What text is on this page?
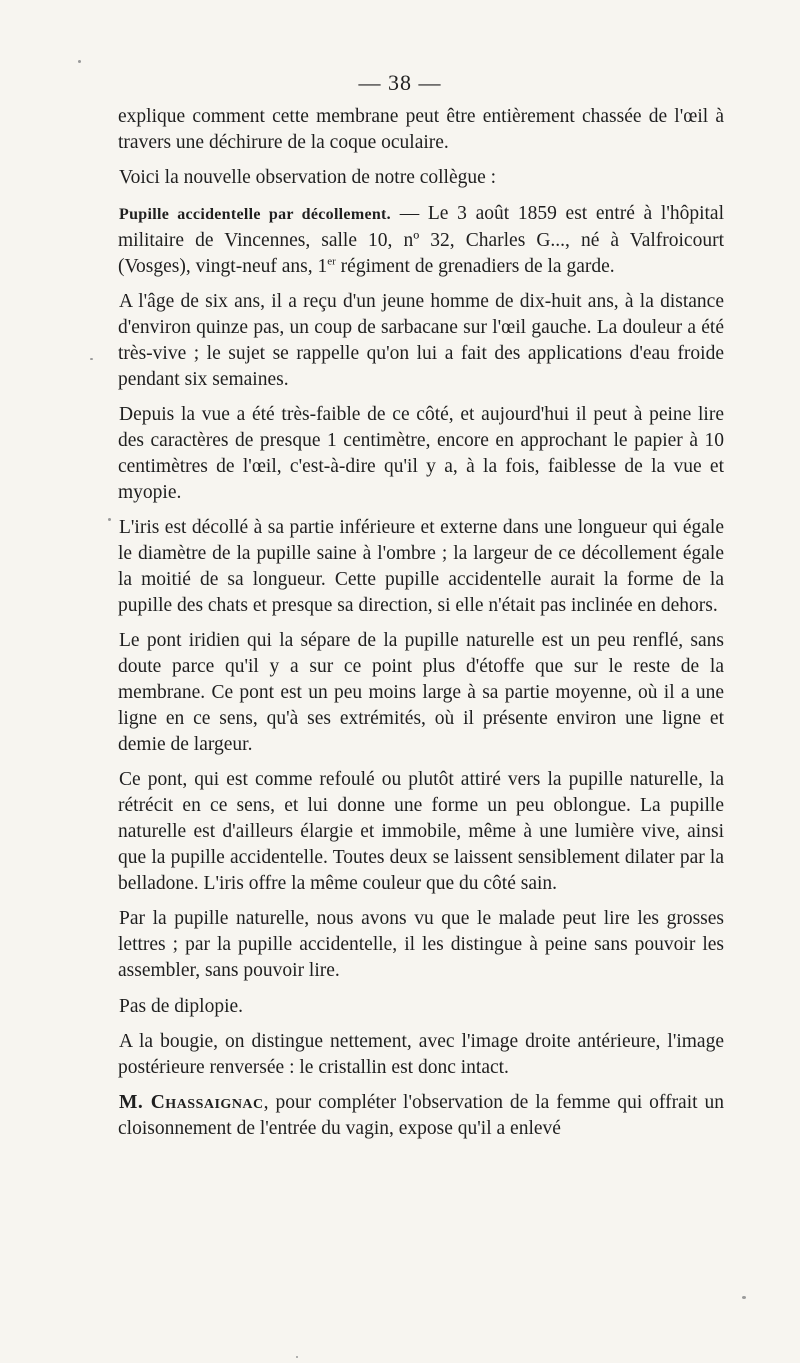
— 38 —

explique comment cette membrane peut être entièrement chassée de l'œil à travers une déchirure de la coque oculaire.

Voici la nouvelle observation de notre collègue :

Pupille accidentelle par décollement. — Le 3 août 1859 est entré à l'hôpital militaire de Vincennes, salle 10, nº 32, Charles G..., né à Valfroicourt (Vosges), vingt-neuf ans, 1er régiment de grenadiers de la garde.

A l'âge de six ans, il a reçu d'un jeune homme de dix-huit ans, à la distance d'environ quinze pas, un coup de sarbacane sur l'œil gauche. La douleur a été très-vive ; le sujet se rappelle qu'on lui a fait des applications d'eau froide pendant six semaines.

Depuis la vue a été très-faible de ce côté, et aujourd'hui il peut à peine lire des caractères de presque 1 centimètre, encore en approchant le papier à 10 centimètres de l'œil, c'est-à-dire qu'il y a, à la fois, faiblesse de la vue et myopie.

L'iris est décollé à sa partie inférieure et externe dans une longueur qui égale le diamètre de la pupille saine à l'ombre ; la largeur de ce décollement égale la moitié de sa longueur. Cette pupille accidentelle aurait la forme de la pupille des chats et presque sa direction, si elle n'était pas inclinée en dehors.

Le pont iridien qui la sépare de la pupille naturelle est un peu renflé, sans doute parce qu'il y a sur ce point plus d'étoffe que sur le reste de la membrane. Ce pont est un peu moins large à sa partie moyenne, où il a une ligne en ce sens, qu'à ses extrémités, où il présente environ une ligne et demie de largeur.

Ce pont, qui est comme refoulé ou plutôt attiré vers la pupille naturelle, la rétrécit en ce sens, et lui donne une forme un peu oblongue. La pupille naturelle est d'ailleurs élargie et immobile, même à une lumière vive, ainsi que la pupille accidentelle. Toutes deux se laissent sensiblement dilater par la belladone. L'iris offre la même couleur que du côté sain.

Par la pupille naturelle, nous avons vu que le malade peut lire les grosses lettres ; par la pupille accidentelle, il les distingue à peine sans pouvoir les assembler, sans pouvoir lire.

Pas de diplopie.

A la bougie, on distingue nettement, avec l'image droite antérieure, l'image postérieure renversée : le cristallin est donc intact.

M. Chassaignac, pour compléter l'observation de la femme qui offrait un cloisonnement de l'entrée du vagin, expose qu'il a enlevé
